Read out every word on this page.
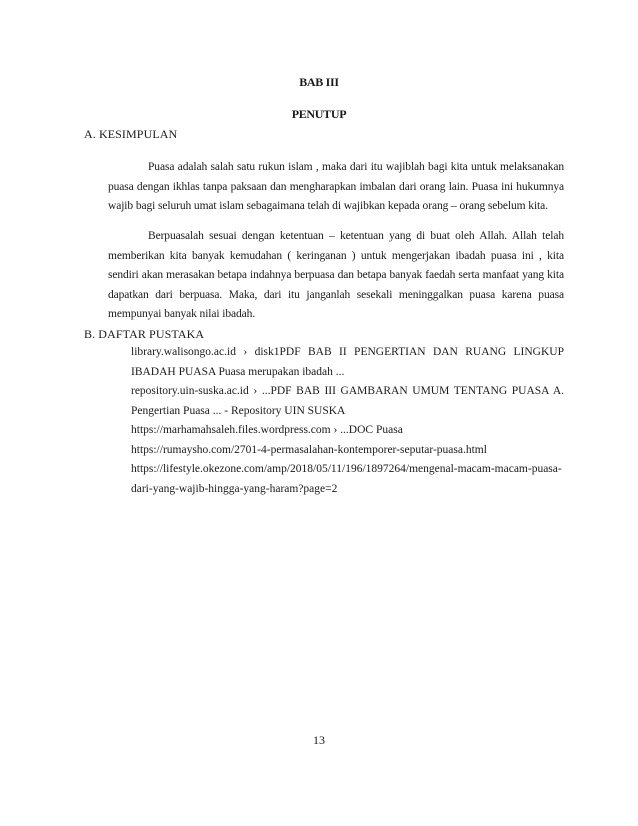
BAB III
PENUTUP
A. KESIMPULAN

Puasa adalah salah satu rukun islam , maka dari itu wajiblah bagi kita untuk melaksanakan puasa dengan ikhlas tanpa paksaan dan mengharapkan imbalan dari orang lain. Puasa ini hukumnya wajib bagi seluruh umat islam sebagaimana telah di wajibkan kepada orang – orang sebelum kita.

Berpuasalah sesuai dengan ketentuan – ketentuan yang di buat oleh Allah. Allah telah memberikan kita banyak kemudahan ( keringanan ) untuk mengerjakan ibadah puasa ini , kita sendiri akan merasakan betapa indahnya berpuasa dan betapa banyak faedah serta manfaat yang kita dapatkan dari berpuasa. Maka, dari itu janganlah sesekali meninggalkan puasa karena puasa mempunyai banyak nilai ibadah.

B. DAFTAR PUSTAKA
library.walisongo.ac.id › disk1PDF BAB II PENGERTIAN DAN RUANG LINGKUP IBADAH PUASA Puasa merupakan ibadah ...
repository.uin-suska.ac.id › ...PDF BAB III GAMBARAN UMUM TENTANG PUASA A. Pengertian Puasa ... - Repository UIN SUSKA
https://marhamahsaleh.files.wordpress.com › ...DOC Puasa
https://rumaysho.com/2701-4-permasalahan-kontemporer-seputar-puasa.html
https://lifestyle.okezone.com/amp/2018/05/11/196/1897264/mengenal-macam-macam-puasa-dari-yang-wajib-hingga-yang-haram?page=2
13
